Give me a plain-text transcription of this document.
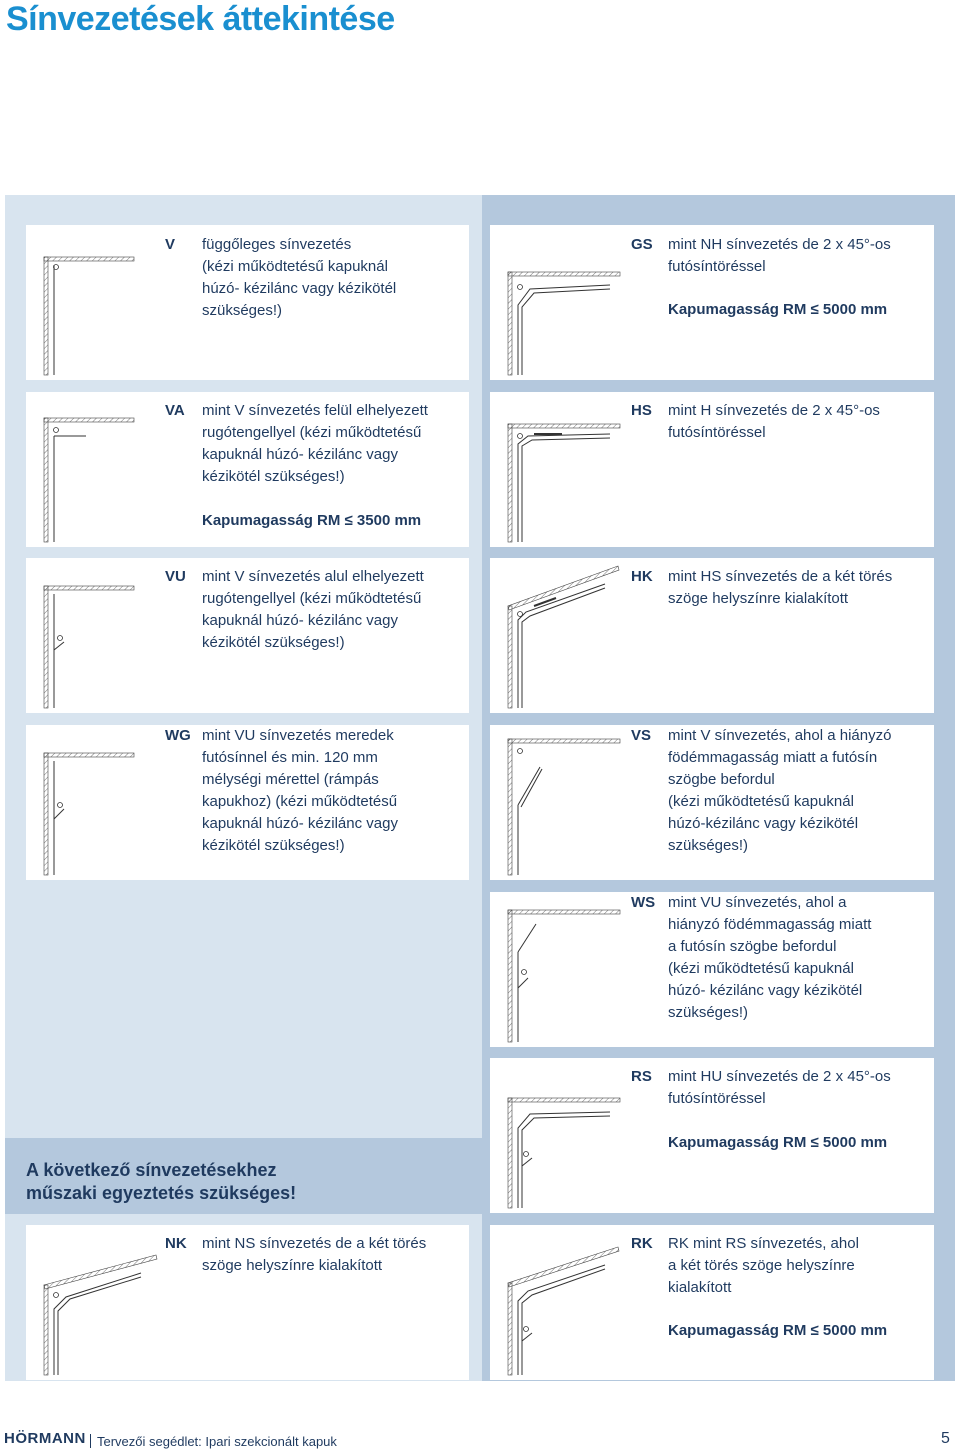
Sínvezetések áttekintése
V függőleges sínvezetés
(kézi működtetésű kapuknál
húzó- kézilánc vagy kézikötél
szükséges!)
VA mint V sínvezetés felül elhelyezett
rugótengellyel (kézi működtetésű
kapuknál húzó- kézilánc vagy
kézikötél szükséges!)
Kapumagasság RM ≤ 3500 mm
VU mint V sínvezetés alul elhelyezett
rugótengellyel (kézi működtetésű
kapuknál húzó- kézilánc vagy
kézikötél szükséges!)
WG mint VU sínvezetés meredek
futósínnel és min. 120 mm
mélységi mérettel (rámpás
kapukhoz) (kézi működtetésű
kapuknál húzó- kézilánc vagy
kézikötél szükséges!)
A következő sínvezetésekhez
műszaki egyeztetés szükséges!
NK mint NS sínvezetés de a két törés
szöge helyszínre kialakított
GS mint NH sínvezetés de 2 x 45°-os
futósíntöréssel
Kapumagasság RM ≤ 5000 mm
HS mint H sínvezetés de 2 x 45°-os
futósíntöréssel
HK mint HS sínvezetés de a két törés
szöge helyszínre kialakított
VS mint V sínvezetés, ahol a hiányzó
födémmagasság miatt a futósín
szögbe befordul
(kézi működtetésű kapuknál
húzó-kézilánc vagy kézikötél
szükséges!)
WS mint VU sínvezetés, ahol a
hiányzó födémmagasság miatt
a futósín szögbe befordul
(kézi működtetésű kapuknál
húzó- kézilánc vagy kézikötél
szükséges!)
RS mint HU sínvezetés de 2 x 45°-os
futósíntöréssel
Kapumagasság RM ≤ 5000 mm
RK RK mint RS sínvezetés, ahol
a két törés szöge helyszínre
kialakított
Kapumagasság RM ≤ 5000 mm
HÖRMANN Tervezői segédlet: Ipari szekcionált kapuk	5
